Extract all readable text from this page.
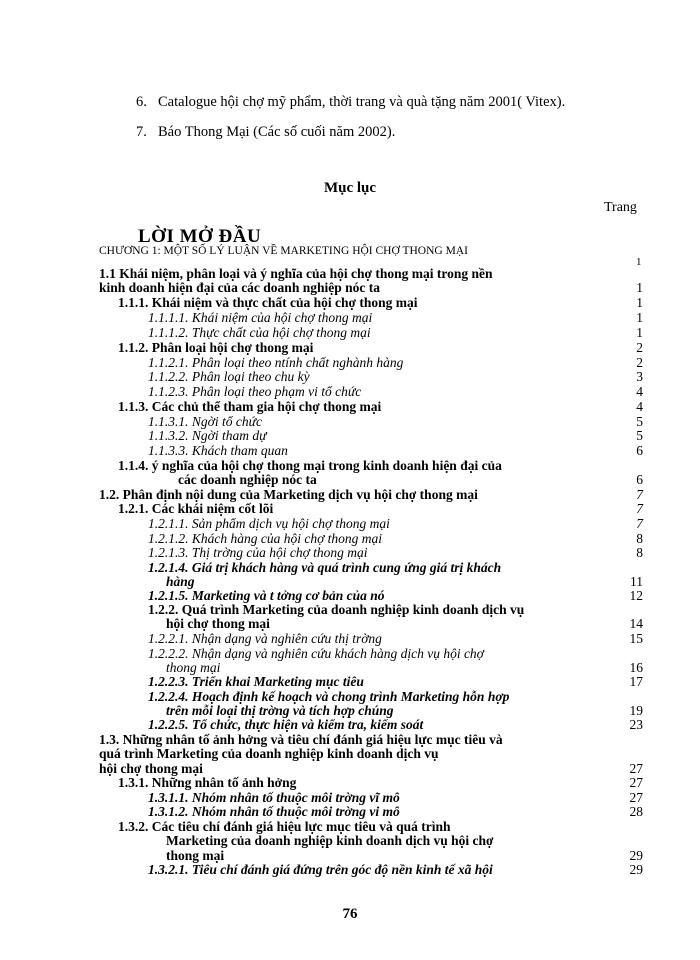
6. Catalogue hội chợ mỹ phẩm, thời trang và quà tặng năm 2001( Vitex).
7. Báo Thong Mại (Các số cuối năm 2002).
Mục lục
Trang
LỜI MỞ ĐẦU
CHƯƠNG 1: MỘT SỐ LÝ LUẬN VỀ MARKETING HỘI CHỢ THONG MẠI
1
1.1 Khái niệm, phân loại và ý nghĩa của hội chợ thong mại trong nền
kinh doanh hiện đại của các doanh nghiệp nóc ta	1
1.1.1. Khái niệm và thực chất của hội chợ thong mại	1
1.1.1.1. Khái niệm của hội chợ thong mại	1
1.1.1.2. Thực chất của hội chợ thong mại	1
1.1.2. Phân loại hội chợ thong mại	2
1.1.2.1. Phân loại theo ntính chất nghành hàng	2
1.1.2.2. Phân loại theo chu kỳ	3
1.1.2.3. Phân loại theo phạm vi tổ chức	4
1.1.3. Các chủ thể tham gia hội chợ thong mại	4
1.1.3.1. Ngời tổ chức	5
1.1.3.2. Ngời tham dự	5
1.1.3.3. Khách tham quan	6
1.1.4. ý nghĩa của hội chợ thong mại trong kinh doanh hiện đại của
các doanh nghiệp nóc ta	6
1.2. Phân định nội dung của Marketing dịch vụ hội chợ thong mại	7
1.2.1. Các khái niệm cốt lõi	7
1.2.1.1. Sản phẩm dịch vụ hội chợ thong mại	7
1.2.1.2. Khách hàng của hội chợ thong mại	8
1.2.1.3. Thị trờng của hội chợ thong mại	8
1.2.1.4. Giá trị khách hàng và quá trình cung ứng giá trị khách
hàng	11
1.2.1.5. Marketing và t tởng cơ bản của nó	12
1.2.2. Quá trình Marketing của doanh nghiệp kinh doanh dịch vụ
hội chợ thong mại	14
1.2.2.1. Nhận dạng và nghiên cứu thị trờng	15
1.2.2.2. Nhận dạng và nghiên cứu khách hàng dịch vụ hội chợ
thong mại	16
1.2.2.3. Triển khai Marketing mục tiêu	17
1.2.2.4. Hoạch định kế hoạch và chong trình Marketing hỗn hợp
trên mỗi loại thị trờng và tích hợp chúng	19
1.2.2.5. Tổ chức, thực hiện và kiểm tra, kiểm soát	23
1.3. Những nhân tố ảnh hởng và tiêu chí đánh giá hiệu lực mục tiêu và
quá trình Marketing của doanh nghiệp kinh doanh dịch vụ
hội chợ thong mại	27
1.3.1. Những nhân tố ảnh hởng	27
1.3.1.1. Nhóm nhân tố thuộc môi trờng vĩ mô	27
1.3.1.2. Nhóm nhân tố thuộc môi trờng vi mô	28
1.3.2. Các tiêu chí đánh giá hiệu lực mục tiêu và quá trình
Marketing của doanh nghiệp kinh doanh dịch vụ hội chợ
thong mại	29
1.3.2.1. Tiêu chí đánh giá đứng trên góc độ nền kinh tế xã hội	29
76
